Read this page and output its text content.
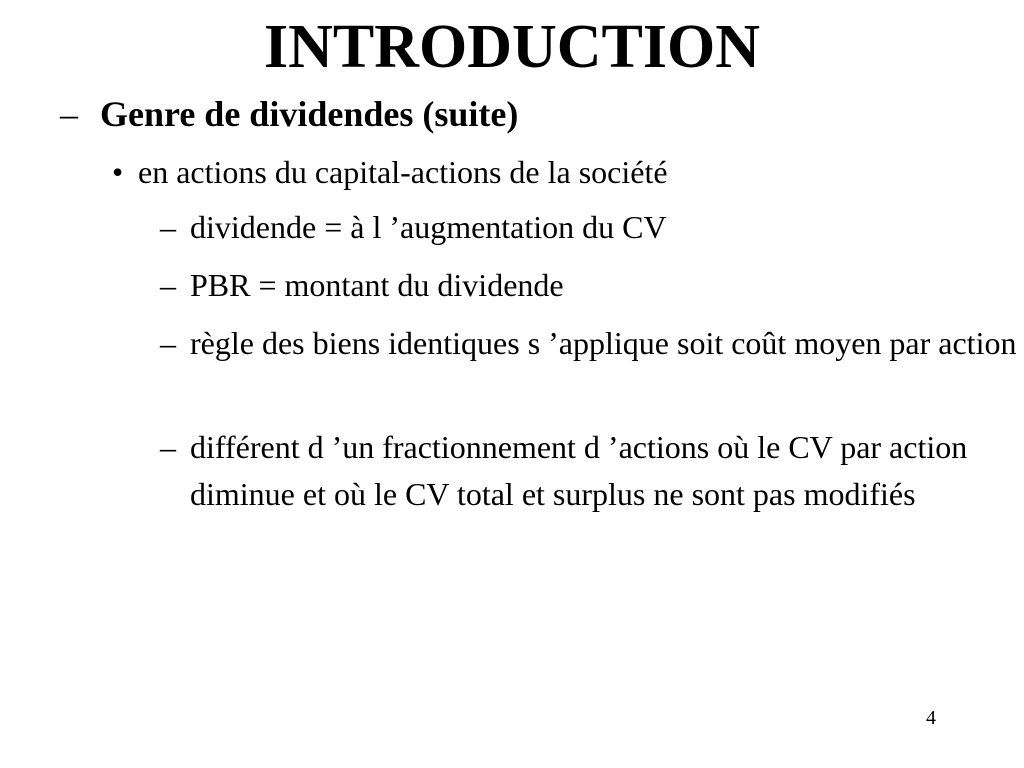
INTRODUCTION

– Genre de dividendes (suite)

• en actions du capital-actions de la société

– dividende = à l ’augmentation du CV
– PBR = montant du dividende
– règle des biens identiques s ’applique soit coût moyen par action
– différent d ’un fractionnement d ’actions où le CV par action diminue et où le CV total et surplus ne sont pas modifiés

4
